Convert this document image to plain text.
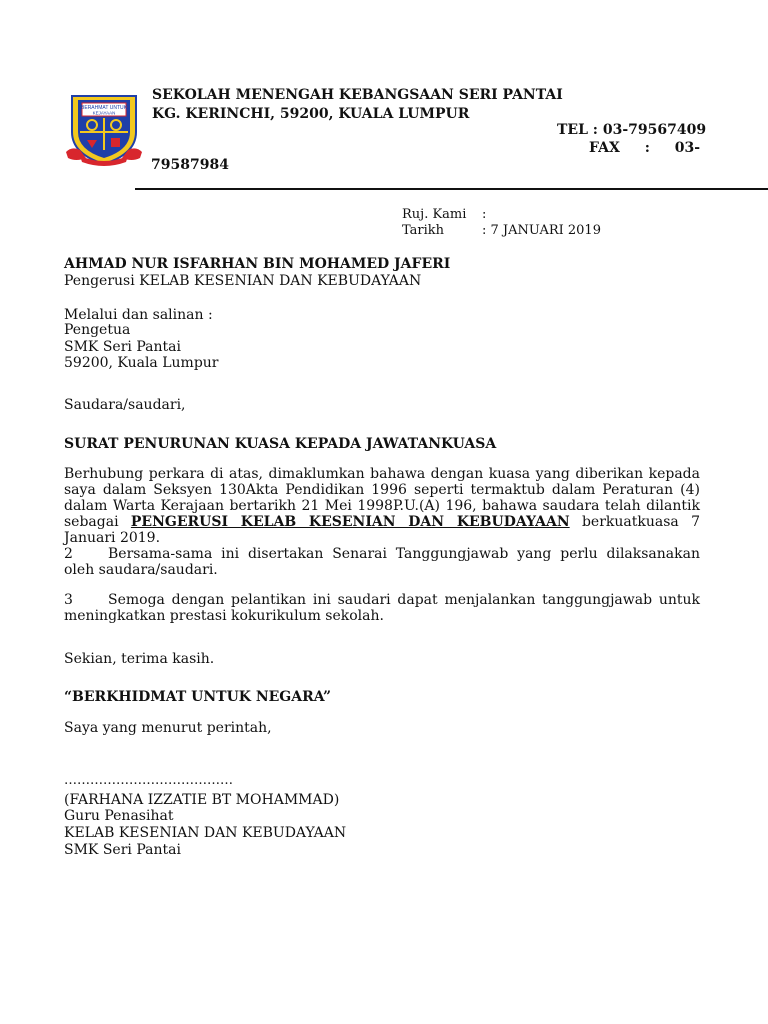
BERAHMAT UNTUK
KEJAYAAN
SEKOLAH MENENGAH KEBANGSAAN SERI PANTAI
KG. KERINCHI, 59200, KUALA LUMPUR
TEL : 03-79567409
FAX : 03-
79587984
Ruj. Kami :
Tarikh	: 7 JANUARI 2019
AHMAD NUR ISFARHAN BIN MOHAMED JAFERI
Pengerusi KELAB KESENIAN DAN KEBUDAYAAN
Melalui dan salinan :
Pengetua
SMK Seri Pantai
59200, Kuala Lumpur
Saudara/saudari,
SURAT PENURUNAN KUASA KEPADA JAWATANKUASA
Berhubung perkara di atas, dimaklumkan bahawa dengan kuasa yang diberikan kepada saya dalam Seksyen 130Akta Pendidikan 1996 seperti termaktub dalam Peraturan (4) dalam Warta Kerajaan bertarikh 21 Mei 1998P.U.(A) 196, bahawa saudara telah dilantik sebagai PENGERUSI KELAB KESENIAN DAN KEBUDAYAAN berkuatkuasa 7 Januari 2019.
2	Bersama-sama ini disertakan Senarai Tanggungjawab yang perlu dilaksanakan oleh saudara/saudari.
3	Semoga dengan pelantikan ini saudari dapat menjalankan tanggungjawab untuk meningkatkan prestasi kokurikulum sekolah.
Sekian, terima kasih.
“BERKHIDMAT UNTUK NEGARA”
Saya yang menurut perintah,
…………………………………
(FARHANA IZZATIE BT MOHAMMAD)
Guru Penasihat
KELAB KESENIAN DAN KEBUDAYAAN
SMK Seri Pantai
